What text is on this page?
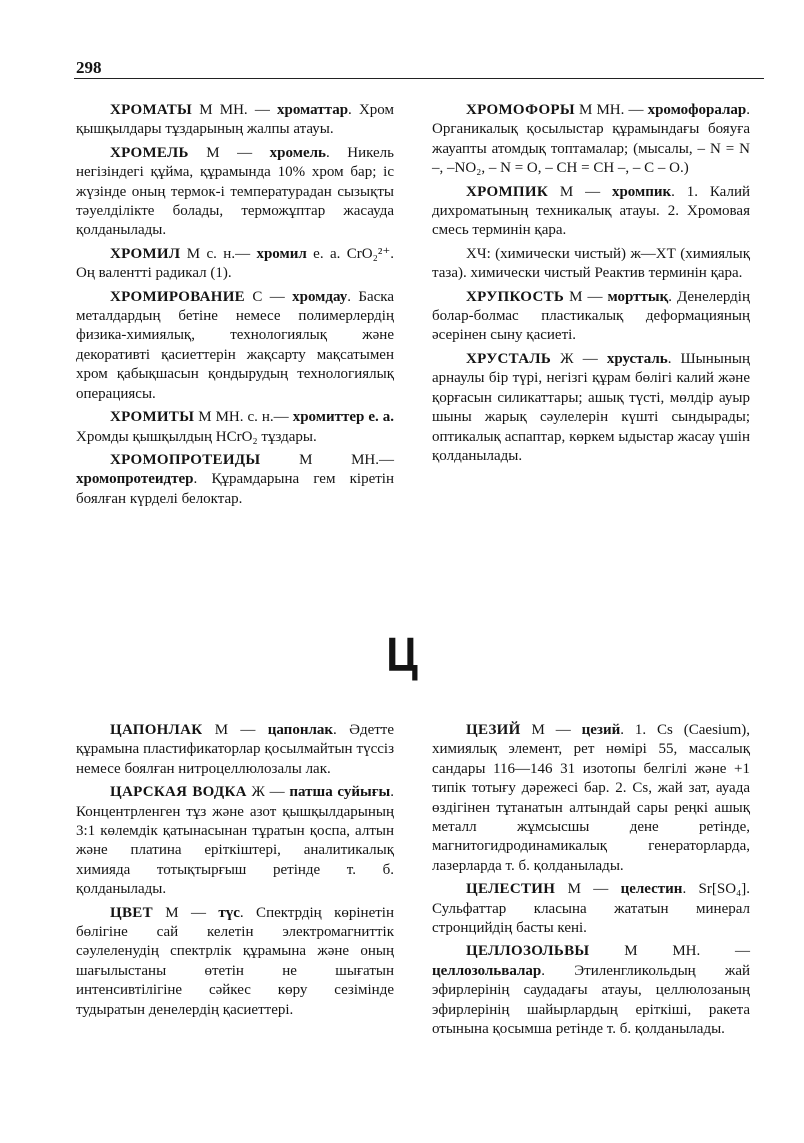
298

ХРОМАТЫ М МН. — хроматтар. Хром қышқылдары тұздарының жалпы атауы.

ХРОМЕЛЬ М — хромель. Никель негізіндегі құйма, құрамында 10% хром бар; іс жүзінде оның термок-і температурадан сызықты тәуелділікте болады, терможұптар жасауда қолданылады.

ХРОМИЛ М с. н.— хромил е. а. CrO₂²⁺. Оң валентті радикал (1).

ХРОМИРОВАНИЕ С — хромдау. Баска металдардың бетіне немесе полимерлердің физика-химиялық, технологиялық және декоративті қасиеттерін жақсарту мақсатымен хром қабықшасын қондырудың технологиялық операциясы.

ХРОМИТЫ М МН. с. н.— хромиттер е. а. Хромды қышқылдың HCrO₂ тұздары.

ХРОМОПРОТЕИДЫ М МН.— хромопротеидтер. Құрамдарына гем кіретін боялған күрделі белоктар.

ХРОМОФОРЫ М МН. — хромофоралар. Органикалық қосылыстар құрамындағы бояуға жауапты атомдық топтамалар; (мысалы, – N = N –, –NO₂, – N = O, – CH = CH –, – C – O.)

ХРОМПИК М — хромпик. 1. Калий дихроматының техникалық атауы. 2. Хромовая смесь терминін қара.

ХЧ: (химически чистый) ж—ХТ (химиялық таза). химически чистый Реактив терминін қара.

ХРУПКОСТЬ М — морттық. Денелердің болар-болмас пластикалық деформацияның әсерінен сыну қасиеті.

ХРУСТАЛЬ Ж — хрусталь. Шынының арнаулы бір түрі, негізгі құрам бөлігі калий және қорғасын силикаттары; ашық түсті, мөлдір ауыр шыны жарық сәулелерін күшті сындырады; оптикалық аспаптар, көркем ыдыстар жасау үшін қолданылады.

Ц

ЦАПОНЛАК М — цапонлак. Әдетте құрамына пластификаторлар қосылмайтын түссіз немесе боялған нитроцеллюлозалы лак.

ЦАРСКАЯ ВОДКА Ж — патша суйығы. Концентрленген тұз және азот қышқылдарының 3:1 көлемдік қатынасынан тұратын қоспа, алтын және платина еріткіштері, аналитикалық химияда тотықтырғыш ретінде т. б. қолданылады.

ЦВЕТ М — түс. Спектрдің көрінетін бөлігіне сай келетін электромагниттік сәулеленудің спектрлік құрамына және оның шағылыстаны өтетін не шығатын интенсивтілігіне сәйкес көру сезімінде тудыратын денелердің қасиеттері.

ЦЕЗИЙ М — цезий. 1. Cs (Caesium), химиялық элемент, рет нөмірі 55, массалық сандары 116—146 31 изотопы белгілі және +1 типік тотығу дәрежесі бар. 2. Cs, жай зат, ауада өздігінен тұтанатын алтындай сары реңкі ашық металл жұмсысшы дене ретінде, магнитогидродинамикалық генераторларда, лазерларда т. б. қолданылады.

ЦЕЛЕСТИН М — целестин. Sr[SO₄]. Сульфаттар класына жататын минерал стронцийдің басты кені.

ЦЕЛЛОЗОЛЬВЫ М МН. — целлозольвалар. Этиленгликольдың жай эфирлерінің саудадағы атауы, целлюлозаның эфирлерінің шайырлардың еріткіші, ракета отынына қосымша ретінде т. б. қолданылады.
